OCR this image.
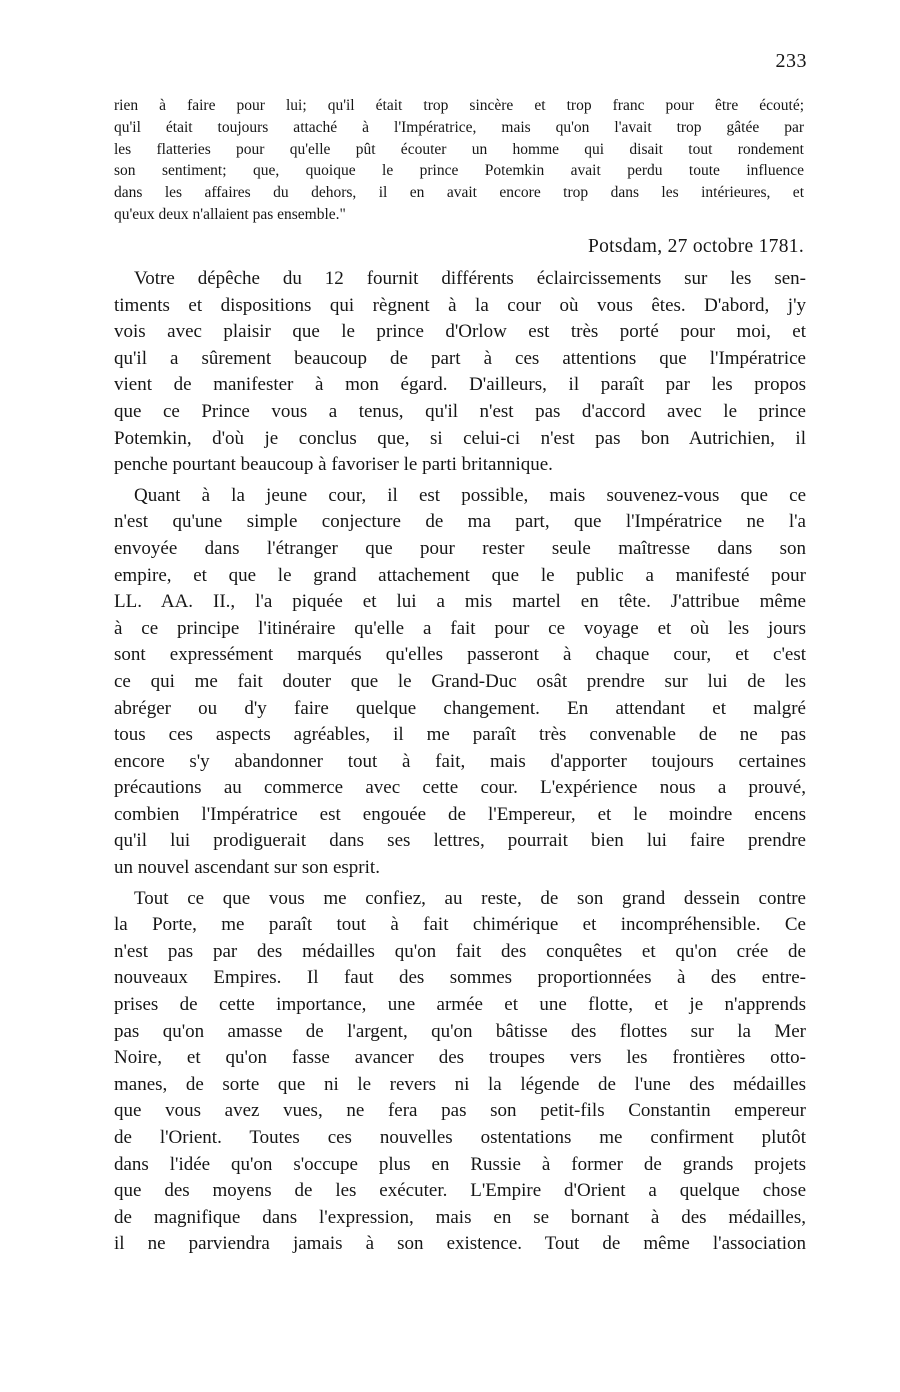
233
rien à faire pour lui; qu'il était trop sincère et trop franc pour être écouté;
qu'il était toujours attaché à l'Impératrice, mais qu'on l'avait trop gâtée par
les flatteries pour qu'elle pût écouter un homme qui disait tout rondement
son sentiment; que, quoique le prince Potemkin avait perdu toute influence
dans les affaires du dehors, il en avait encore trop dans les intérieures, et
qu'eux deux n'allaient pas ensemble."
Potsdam, 27 octobre 1781.
Votre dépêche du 12 fournit différents éclaircissements sur les sen-
timents et dispositions qui règnent à la cour où vous êtes. D'abord, j'y
vois avec plaisir que le prince d'Orlow est très porté pour moi, et
qu'il a sûrement beaucoup de part à ces attentions que l'Impératrice
vient de manifester à mon égard. D'ailleurs, il paraît par les propos
que ce Prince vous a tenus, qu'il n'est pas d'accord avec le prince
Potemkin, d'où je conclus que, si celui-ci n'est pas bon Autrichien, il
penche pourtant beaucoup à favoriser le parti britannique.
Quant à la jeune cour, il est possible, mais souvenez-vous que ce
n'est qu'une simple conjecture de ma part, que l'Impératrice ne l'a
envoyée dans l'étranger que pour rester seule maîtresse dans son
empire, et que le grand attachement que le public a manifesté pour
LL. AA. II., l'a piquée et lui a mis martel en tête. J'attribue même
à ce principe l'itinéraire qu'elle a fait pour ce voyage et où les jours
sont expressément marqués qu'elles passeront à chaque cour, et c'est
ce qui me fait douter que le Grand-Duc osât prendre sur lui de les
abréger ou d'y faire quelque changement. En attendant et malgré
tous ces aspects agréables, il me paraît très convenable de ne pas
encore s'y abandonner tout à fait, mais d'apporter toujours certaines
précautions au commerce avec cette cour. L'expérience nous a prouvé,
combien l'Impératrice est engouée de l'Empereur, et le moindre encens
qu'il lui prodiguerait dans ses lettres, pourrait bien lui faire prendre
un nouvel ascendant sur son esprit.
Tout ce que vous me confiez, au reste, de son grand dessein contre
la Porte, me paraît tout à fait chimérique et incompréhensible. Ce
n'est pas par des médailles qu'on fait des conquêtes et qu'on crée de
nouveaux Empires. Il faut des sommes proportionnées à des entre-
prises de cette importance, une armée et une flotte, et je n'apprends
pas qu'on amasse de l'argent, qu'on bâtisse des flottes sur la Mer
Noire, et qu'on fasse avancer des troupes vers les frontières otto-
manes, de sorte que ni le revers ni la légende de l'une des médailles
que vous avez vues, ne fera pas son petit-fils Constantin empereur
de l'Orient. Toutes ces nouvelles ostentations me confirment plutôt
dans l'idée qu'on s'occupe plus en Russie à former de grands projets
que des moyens de les exécuter. L'Empire d'Orient a quelque chose
de magnifique dans l'expression, mais en se bornant à des médailles,
il ne parviendra jamais à son existence. Tout de même l'association
